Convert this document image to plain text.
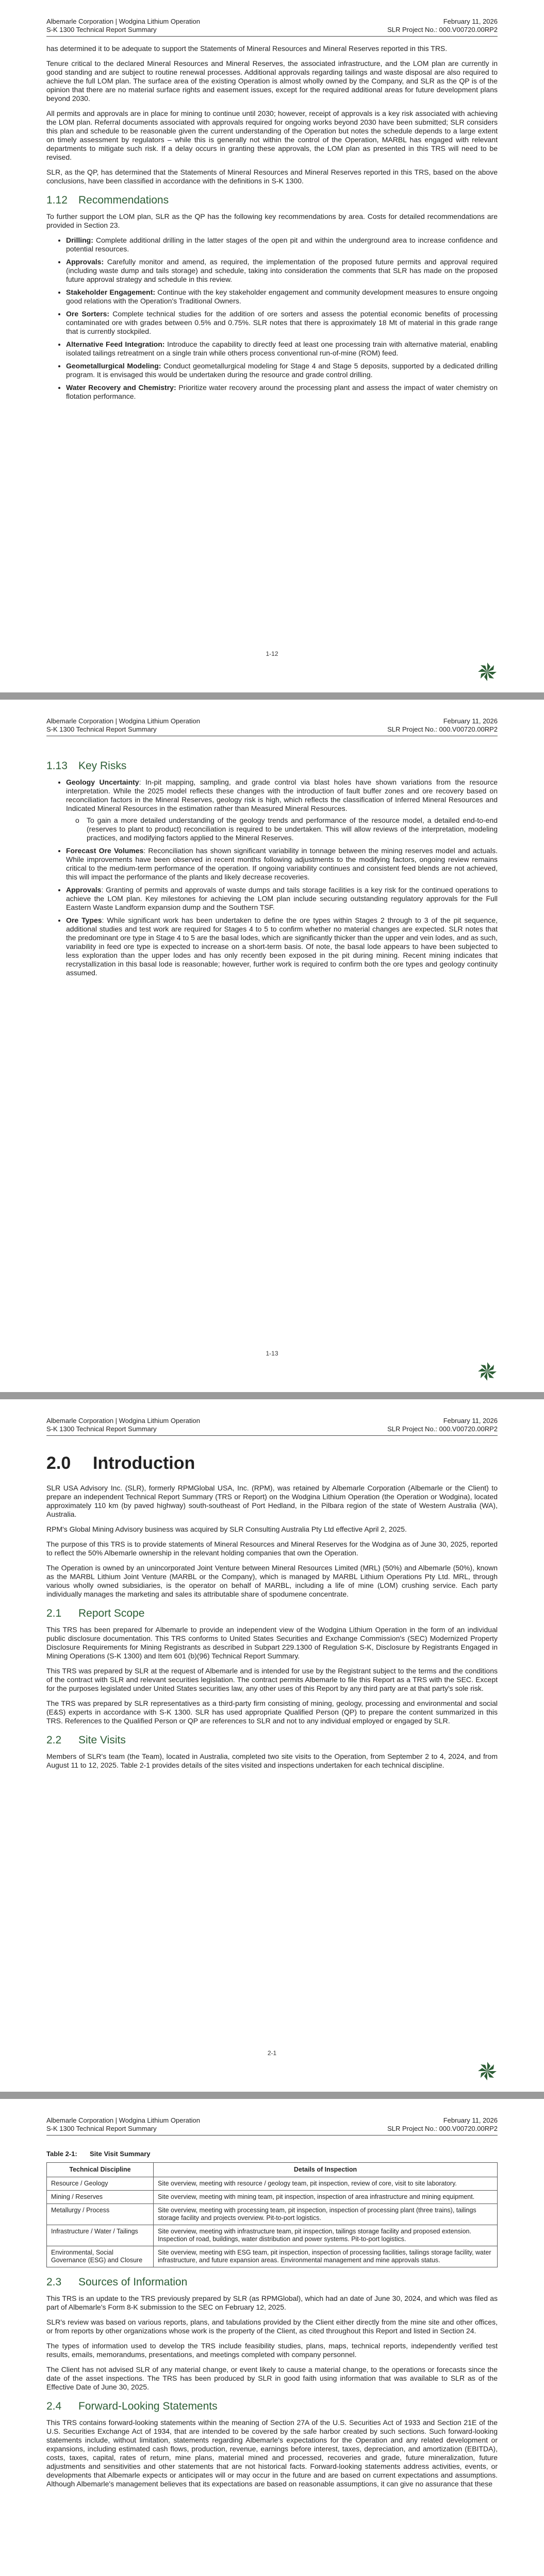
Albemarle Corporation | Wodgina Lithium Operation
S-K 1300 Technical Report Summary
February 11, 2026
SLR Project No.: 000.V00720.00RP2

has determined it to be adequate to support the Statements of Mineral Resources and Mineral Reserves reported in this TRS.

Tenure critical to the declared Mineral Resources and Mineral Reserves, the associated infrastructure, and the LOM plan are currently in good standing and are subject to routine renewal processes. Additional approvals regarding tailings and waste disposal are also required to achieve the full LOM plan. The surface area of the existing Operation is almost wholly owned by the Company, and SLR as the QP is of the opinion that there are no material surface rights and easement issues, except for the required additional areas for future development plans beyond 2030.

All permits and approvals are in place for mining to continue until 2030; however, receipt of approvals is a key risk associated with achieving the LOM plan. Referral documents associated with approvals required for ongoing works beyond 2030 have been submitted; SLR considers this plan and schedule to be reasonable given the current understanding of the Operation but notes the schedule depends to a large extent on timely assessment by regulators – while this is generally not within the control of the Operation, MARBL has engaged with relevant departments to mitigate such risk. If a delay occurs in granting these approvals, the LOM plan as presented in this TRS will need to be revised.

SLR, as the QP, has determined that the Statements of Mineral Resources and Mineral Reserves reported in this TRS, based on the above conclusions, have been classified in accordance with the definitions in S-K 1300.

1.12 Recommendations

To further support the LOM plan, SLR as the QP has the following key recommendations by area. Costs for detailed recommendations are provided in Section 23.

• Drilling: Complete additional drilling in the latter stages of the open pit and within the underground area to increase confidence and potential resources.
• Approvals: Carefully monitor and amend, as required, the implementation of the proposed future permits and approval required (including waste dump and tails storage) and schedule, taking into consideration the comments that SLR has made on the proposed future approval strategy and schedule in this review.
• Stakeholder Engagement: Continue with the key stakeholder engagement and community development measures to ensure ongoing good relations with the Operation's Traditional Owners.
• Ore Sorters: Complete technical studies for the addition of ore sorters and assess the potential economic benefits of processing contaminated ore with grades between 0.5% and 0.75%. SLR notes that there is approximately 18 Mt of material in this grade range that is currently stockpiled.
• Alternative Feed Integration: Introduce the capability to directly feed at least one processing train with alternative material, enabling isolated tailings retreatment on a single train while others process conventional run-of-mine (ROM) feed.
• Geometallurgical Modeling: Conduct geometallurgical modeling for Stage 4 and Stage 5 deposits, supported by a dedicated drilling program. It is envisaged this would be undertaken during the resource and grade control drilling.
• Water Recovery and Chemistry: Prioritize water recovery around the processing plant and assess the impact of water chemistry on flotation performance.
1-12
Albemarle Corporation | Wodgina Lithium Operation
S-K 1300 Technical Report Summary
February 11, 2026
SLR Project No.: 000.V00720.00RP2
1.13 Key Risks
• Geology Uncertainty: In-pit mapping, sampling, and grade control via blast holes have shown variations from the resource interpretation. While the 2025 model reflects these changes with the introduction of fault buffer zones and ore recovery based on reconciliation factors in the Mineral Reserves, geology risk is high, which reflects the classification of Inferred Mineral Resources and Indicated Mineral Resources in the estimation rather than Measured Mineral Resources.
o To gain a more detailed understanding of the geology trends and performance of the resource model, a detailed end-to-end (reserves to plant to product) reconciliation is required to be undertaken. This will allow reviews of the interpretation, modeling practices, and modifying factors applied to the Mineral Reserves.
• Forecast Ore Volumes: Reconciliation has shown significant variability in tonnage between the mining reserves model and actuals. While improvements have been observed in recent months following adjustments to the modifying factors, ongoing review remains critical to the medium-term performance of the operation. If ongoing variability continues and consistent feed blends are not achieved, this will impact the performance of the plants and likely decrease recoveries.
• Approvals: Granting of permits and approvals of waste dumps and tails storage facilities is a key risk for the continued operations to achieve the LOM plan. Key milestones for achieving the LOM plan include securing outstanding regulatory approvals for the Full Eastern Waste Landform expansion dump and the Southern TSF.
• Ore Types: While significant work has been undertaken to define the ore types within Stages 2 through to 3 of the pit sequence, additional studies and test work are required for Stages 4 to 5 to confirm whether no material changes are expected. SLR notes that the predominant ore type in Stage 4 to 5 are the basal lodes, which are significantly thicker than the upper and vein lodes, and as such, variability in feed ore type is expected to increase on a short-term basis. Of note, the basal lode appears to have been subjected to less exploration than the upper lodes and has only recently been exposed in the pit during mining. Recent mining indicates that recrystallization in this basal lode is reasonable; however, further work is required to confirm both the ore types and geology continuity assumed.
1-13
Albemarle Corporation | Wodgina Lithium Operation
S-K 1300 Technical Report Summary
February 11, 2026
SLR Project No.: 000.V00720.00RP2
2.0 Introduction

SLR USA Advisory Inc. (SLR), formerly RPMGlobal USA, Inc. (RPM), was retained by Albemarle Corporation (Albemarle or the Client) to prepare an independent Technical Report Summary (TRS or Report) on the Wodgina Lithium Operation (the Operation or Wodgina), located approximately 110 km (by paved highway) south-southeast of Port Hedland, in the Pilbara region of the state of Western Australia (WA), Australia.

RPM's Global Mining Advisory business was acquired by SLR Consulting Australia Pty Ltd effective April 2, 2025.

The purpose of this TRS is to provide statements of Mineral Resources and Mineral Reserves for the Wodgina as of June 30, 2025, reported to reflect the 50% Albemarle ownership in the relevant holding companies that own the Operation.

The Operation is owned by an unincorporated Joint Venture between Mineral Resources Limited (MRL) (50%) and Albemarle (50%), known as the MARBL Lithium Joint Venture (MARBL or the Company), which is managed by MARBL Lithium Operations Pty Ltd. MRL, through various wholly owned subsidiaries, is the operator on behalf of MARBL, including a life of mine (LOM) crushing service. Each party individually manages the marketing and sales its attributable share of spodumene concentrate.

2.1 Report Scope

This TRS has been prepared for Albemarle to provide an independent view of the Wodgina Lithium Operation in the form of an individual public disclosure documentation. This TRS conforms to United States Securities and Exchange Commission's (SEC) Modernized Property Disclosure Requirements for Mining Registrants as described in Subpart 229.1300 of Regulation S-K, Disclosure by Registrants Engaged in Mining Operations (S-K 1300) and Item 601 (b)(96) Technical Report Summary.

This TRS was prepared by SLR at the request of Albemarle and is intended for use by the Registrant subject to the terms and the conditions of the contract with SLR and relevant securities legislation. The contract permits Albemarle to file this Report as a TRS with the SEC. Except for the purposes legislated under United States securities law, any other uses of this Report by any third party are at that party's sole risk.

The TRS was prepared by SLR representatives as a third-party firm consisting of mining, geology, processing and environmental and social (E&S) experts in accordance with S-K 1300. SLR has used appropriate Qualified Person (QP) to prepare the content summarized in this TRS. References to the Qualified Person or QP are references to SLR and not to any individual employed or engaged by SLR.

2.2 Site Visits

Members of SLR's team (the Team), located in Australia, completed two site visits to the Operation, from September 2 to 4, 2024, and from August 11 to 12, 2025. Table 2-1 provides details of the sites visited and inspections undertaken for each technical discipline.

2-1
Albemarle Corporation | Wodgina Lithium Operation
S-K 1300 Technical Report Summary
February 11, 2026
SLR Project No.: 000.V00720.00RP2
Table 2-1: Site Visit Summary
Technical Discipline	Details of Inspection
Resource / Geology	Site overview, meeting with resource / geology team, pit inspection, review of core, visit to site laboratory.
Mining / Reserves	Site overview, meeting with mining team, pit inspection, inspection of area infrastructure and mining equipment.
Metallurgy / Process	Site overview, meeting with processing team, pit inspection, inspection of processing plant (three trains), tailings storage facility and projects overview. Pit-to-port logistics.
Infrastructure / Water / Tailings	Site overview, meeting with infrastructure team, pit inspection, tailings storage facility and proposed extension. Inspection of road, buildings, water distribution and power systems. Pit-to-port logistics.
Environmental, Social Governance (ESG) and Closure	Site overview, meeting with ESG team, pit inspection, inspection of processing facilities, tailings storage facility, water infrastructure, and future expansion areas. Environmental management and mine approvals status.
2.3 Sources of Information

This TRS is an update to the TRS previously prepared by SLR (as RPMGlobal), which had an date of June 30, 2024, and which was filed as part of Albemarle's Form 8-K submission to the SEC on February 12, 2025.

SLR's review was based on various reports, plans, and tabulations provided by the Client either directly from the mine site and other offices, or from reports by other organizations whose work is the property of the Client, as cited throughout this Report and listed in Section 24.

The types of information used to develop the TRS include feasibility studies, plans, maps, technical reports, independently verified test results, emails, memorandums, presentations, and meetings completed with company personnel.

The Client has not advised SLR of any material change, or event likely to cause a material change, to the operations or forecasts since the date of the asset inspections. The TRS has been produced by SLR in good faith using information that was available to SLR as of the Effective Date of June 30, 2025.

2.4 Forward-Looking Statements

This TRS contains forward-looking statements within the meaning of Section 27A of the U.S. Securities Act of 1933 and Section 21E of the U.S. Securities Exchange Act of 1934, that are intended to be covered by the safe harbor created by such sections. Such forward-looking statements include, without limitation, statements regarding Albemarle's expectations for the Operation and any related development or expansions, including estimated cash flows, production, revenue, earnings before interest, taxes, depreciation, and amortization (EBITDA), costs, taxes, capital, rates of return, mine plans, material mined and processed, recoveries and grade, future mineralization, future adjustments and sensitivities and other statements that are not historical facts. Forward-looking statements address activities, events, or developments that Albemarle expects or anticipates will or may occur in the future and are based on current expectations and assumptions. Although Albemarle's management believes that its expectations are based on reasonable assumptions, it can give no assurance that these
